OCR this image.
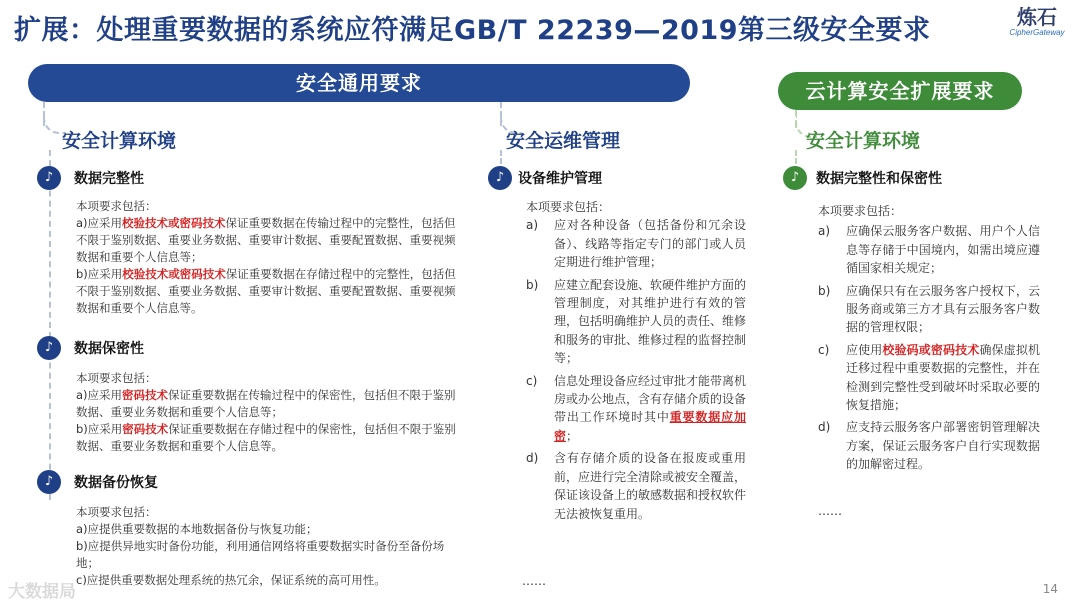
扩展：处理重要数据的系统应符满足GB/T 22239—2019第三级安全要求	炼石
CipherGateway
安全通用要求	云计算安全扩展要求
安全计算环境	安全运维管理	安全计算环境
♪	数据完整性

本项要求包括：

a)应采用校验技术或密码技术保证重要数据在传输过程中的完整性，包括但不限于鉴别数据、重要业务数据、重要审计数据、重要配置数据、重要视频数据和重要个人信息等；

b)应采用校验技术或密码技术保证重要数据在存储过程中的完整性，包括但不限于鉴别数据、重要业务数据、重要审计数据、重要配置数据、重要视频数据和重要个人信息等。

♪	数据保密性

本项要求包括：

a)应采用密码技术保证重要数据在传输过程中的保密性，包括但不限于鉴别数据、重要业务数据和重要个人信息等；

b)应采用密码技术保证重要数据在存储过程中的保密性，包括但不限于鉴别数据、重要业务数据和重要个人信息等。

♪	数据备份恢复

本项要求包括：

a)应提供重要数据的本地数据备份与恢复功能；

b)应提供异地实时备份功能，利用通信网络将重要数据实时备份至备份场地；

c)应提供重要数据处理系统的热冗余，保证系统的高可用性。

♪ 设备维护管理
本项要求包括：
a)	应对各种设备（包括备份和冗余设备）、线路等指定专门的部门或人员定期进行维护管理；
b)	应建立配套设施、软硬件维护方面的管理制度，对其维护进行有效的管理，包括明确维护人员的责任、维修和服务的审批、维修过程的监督控制等；
c)	信息处理设备应经过审批才能带离机房或办公地点，含有存储介质的设备带出工作环境时其中重要数据应加密；
d)	含有存储介质的设备在报废或重用前，应进行完全清除或被安全覆盖，保证该设备上的敏感数据和授权软件无法被恢复重用。
……
♪	数据完整性和保密性
本项要求包括：
a)	应确保云服务客户数据、用户个人信息等存储于中国境内，如需出境应遵循国家相关规定；
b)	应确保只有在云服务客户授权下，云服务商或第三方才具有云服务客户数据的管理权限；
c)	应使用校验码或密码技术确保虚拟机迁移过程中重要数据的完整性，并在检测到完整性受到破坏时采取必要的恢复措施；
d)	应支持云服务客户部署密钥管理解决方案，保证云服务客户自行实现数据的加解密过程。
……
大数据局	14
